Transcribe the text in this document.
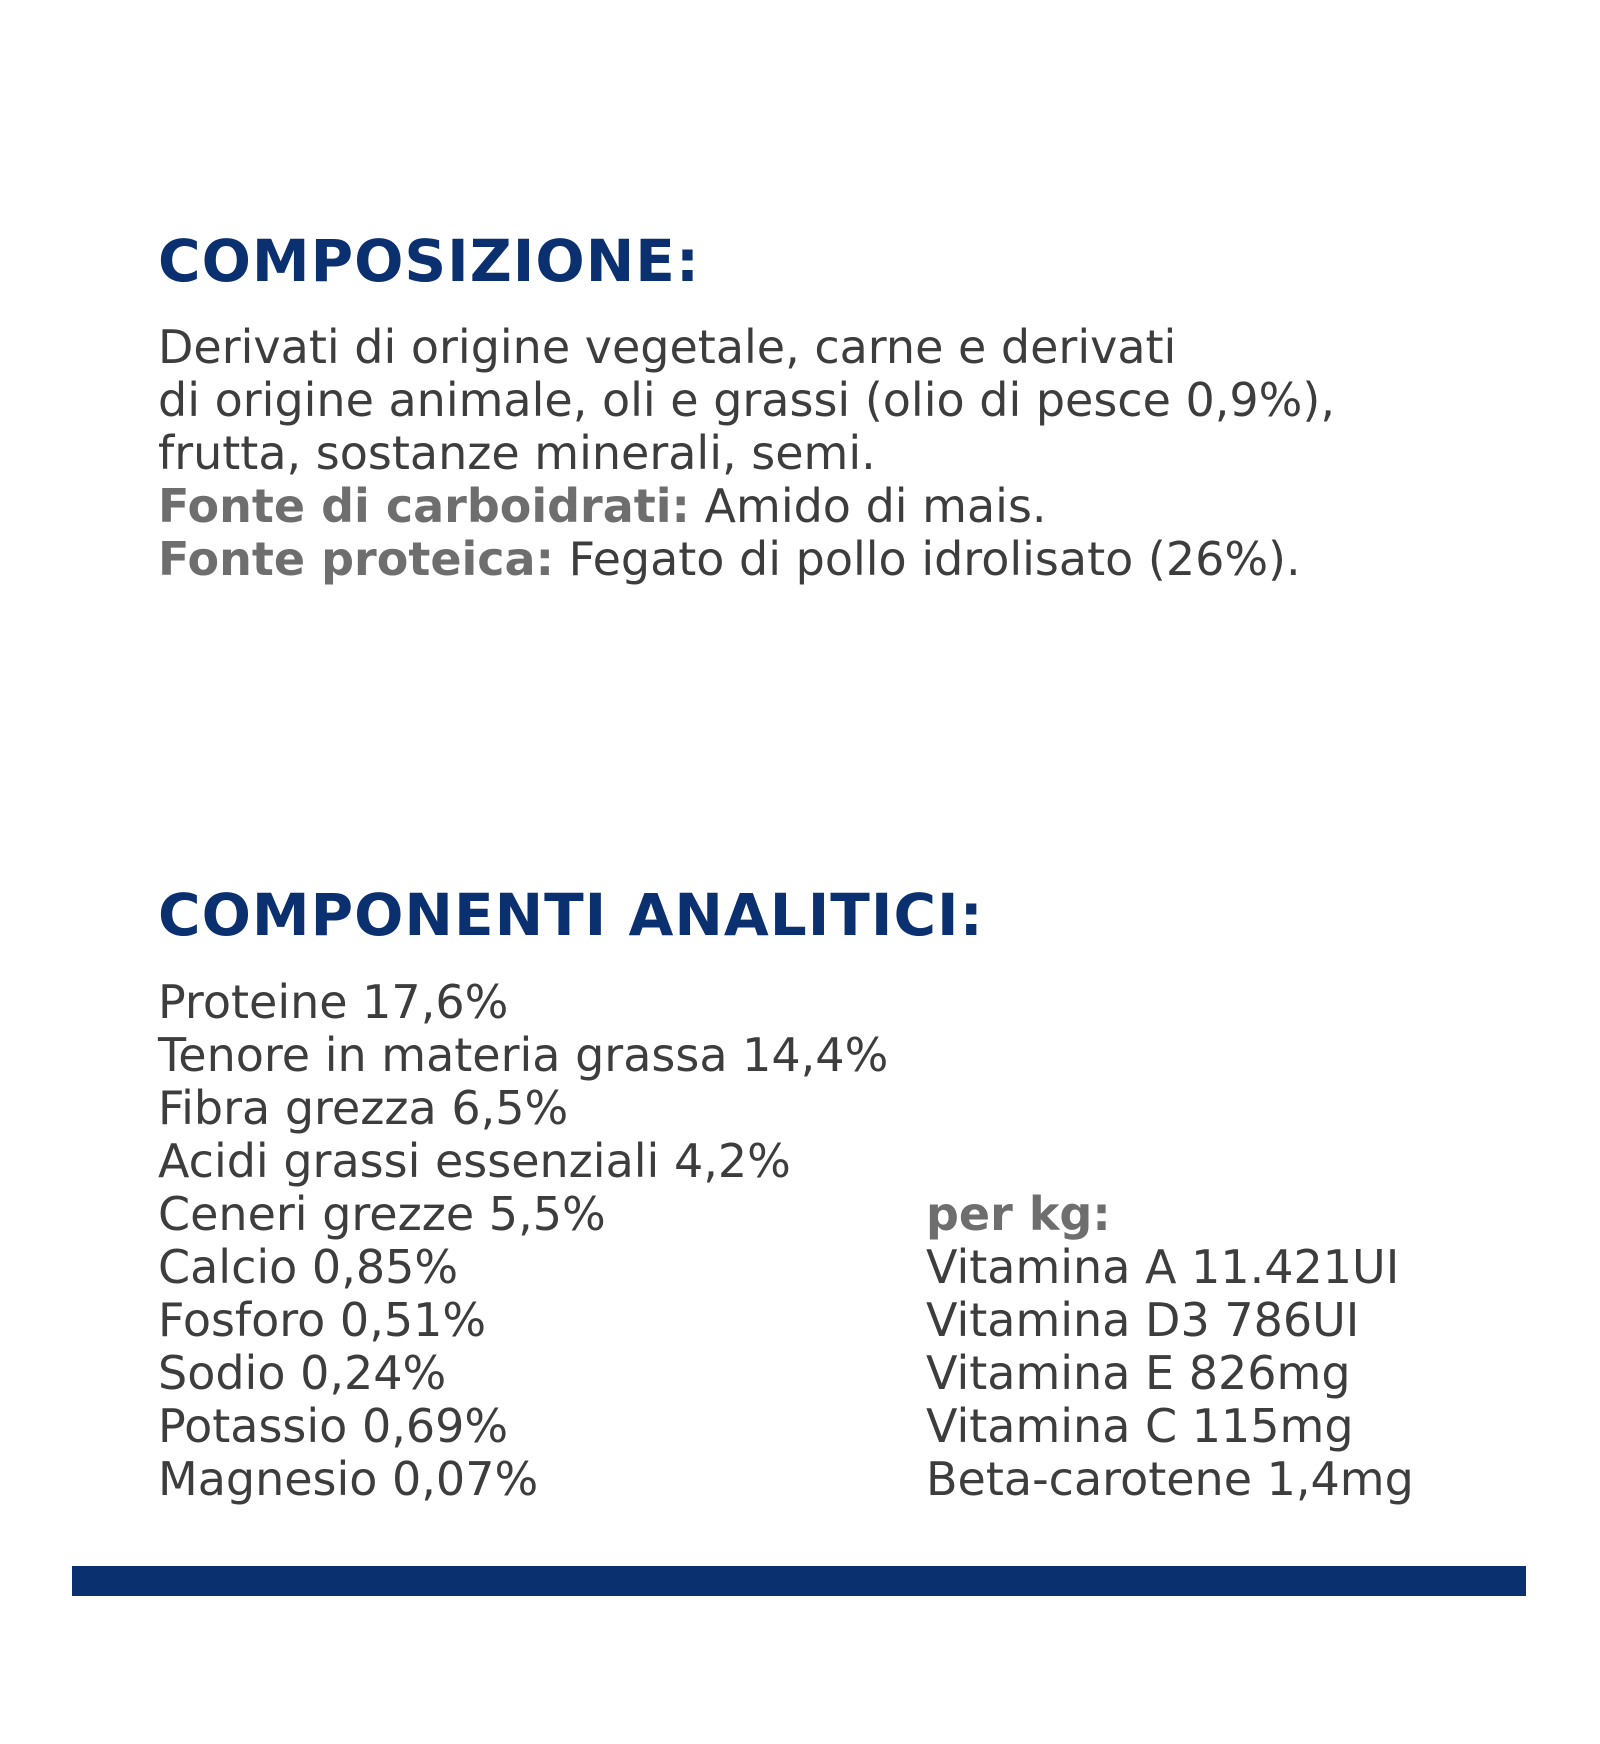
COMPOSIZIONE:
Derivati di origine vegetale, carne e derivati
di origine animale, oli e grassi (olio di pesce 0,9%),
frutta, sostanze minerali, semi.
Fonte di carboidrati: Amido di mais.
Fonte proteica: Fegato di pollo idrolisato (26%).
COMPONENTI ANALITICI:
Proteine 17,6%
Tenore in materia grassa 14,4%
Fibra grezza 6,5%
Acidi grassi essenziali 4,2%
Ceneri grezze 5,5%
Calcio 0,85%
Fosforo 0,51%
Sodio 0,24%
Potassio 0,69%
Magnesio 0,07%
per kg:
Vitamina A 11.421UI
Vitamina D3 786UI
Vitamina E 826mg
Vitamina C 115mg
Beta-carotene 1,4mg
